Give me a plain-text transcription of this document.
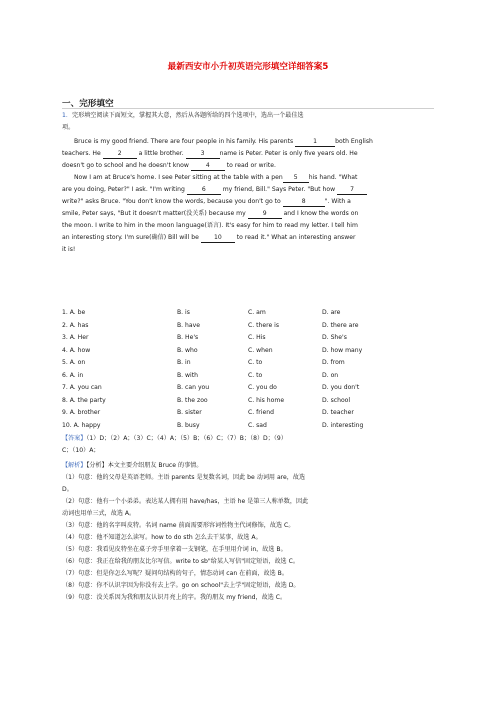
最新西安市小升初英语完形填空详细答案5
一、完形填空
1．完形填空阅读下面短文，掌握其大意，然后从各题所给的四个选项中，选出一个最佳选
项。
Bruce is my good friend. There are four people in his family. His parents	1	both English
teachers. He	2	a little brother.	3 name is Peter. Peter is only five years old. He
doesn't go to school and he doesn't know	4	to read or write.
Now I am at Bruce's home. I see Peter sitting at the table with a pen 5 his hand. "What
are you doing, Peter?" I ask. "I'm writing	6	my friend, Bill." Says Peter. "But how 7
write?" asks Bruce. "You don't know the words, because you don't go to	8	". With a
smile, Peter says, "But it doesn't matter(没关系) because my	9	and I know the words on
the moon. I write to him in the moon language(语言). It's easy for him to read my letter. I tell him
an interesting story. I'm sure(确信) Bill will be 10 to read it." What an interesting answer
it is!
1. A. be	B. is	C. am	D. are
2. A. has	B. have	C. there is	D. there are
3. A. Her	B. He's	C. His	D. She's
4. A. how	B. who	C. when	D. how many
5. A. on	B. in	C. to	D. from
6. A. in	B. with	C. to	D. on
7. A. you can	B. can you	C. you do	D. you don't
8. A. the party	B. the zoo	C. his home	D. school
9. A. brother	B. sister	C. friend	D. teacher
10. A. happy	B. busy	C. sad	D. interesting
【答案】（1）D；（2）A；（3）C；（4）A；（5）B；（6）C；（7）B；（8）D；（9）
C；（10）A；
【解析】【分析】本文主要介绍朋友 Bruce 的事情。
（1）句意：他的父母是英语老师。主语 parents 是复数名词，因此 be 动词用 are，故选
D。
（2）句意：他有一个小弟弟。表达某人拥有用 have/has，主语 he 是第三人称单数，因此
动词也用单三式，故选 A。
（3）句意：他的名字叫皮特。名词 name 前面需要形容词性物主代词修饰，故选 C。
（4）句意：他不知道怎么读写。how to do sth 怎么去干某事，故选 A。
（5）句意：我看见皮特坐在桌子旁手里拿着一支钢笔，在手里用介词 in，故选 B。
（6）句意：我正在给我的朋友比尔写信。write to sb"给某人写信"固定短语，故选 C。
（7）句意：但是你怎么写呢？疑问句结构的句子，情态动词 can 在前面，故选 B。
（8）句意：你不认识字因为你没有去上学。go on school"去上学"固定短语，故选 D。
（9）句意：没关系因为我和朋友认识月亮上的字。我的朋友 my friend，故选 C。
